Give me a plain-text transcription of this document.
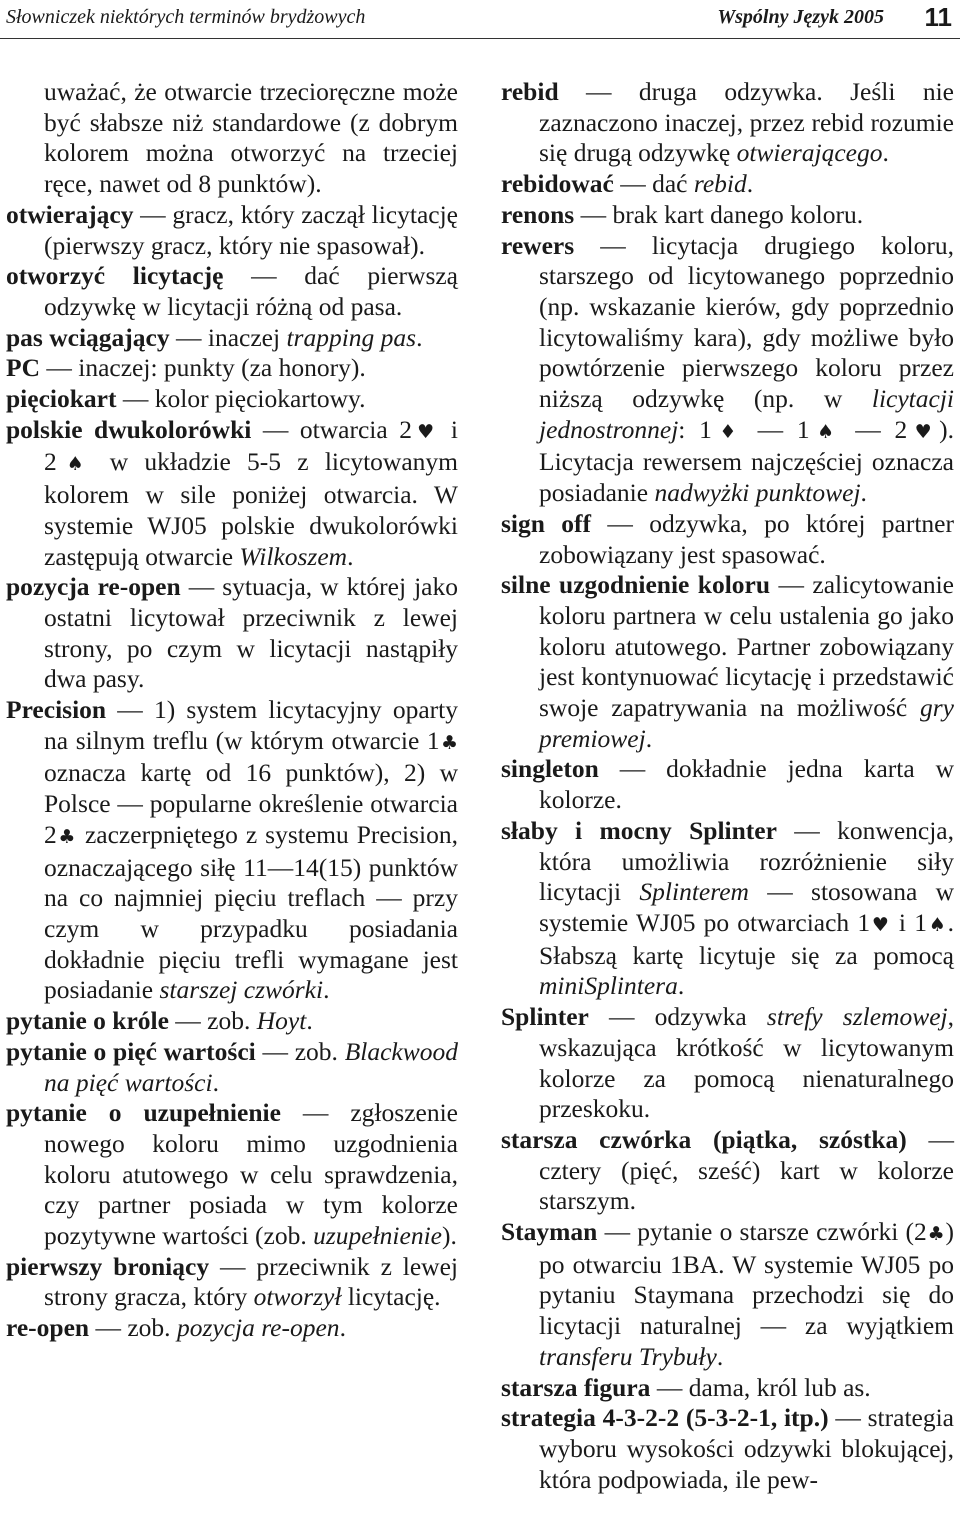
Słowniczek niektórych terminów brydżowych	Wspólny Język 2005 11

uważać, że otwarcie trzecioręczne może być słabsze niż standardowe (z dobrym kolorem można otworzyć na trzeciej ręce, nawet od 8 punktów).

otwierający — gracz, który zaczął licytację (pierwszy gracz, który nie spasował).

otworzyć licytację — dać pierwszą odzywkę w licytacji różną od pasa.

pas wciągający — inaczej trapping pas.

PC — inaczej: punkty (za honory).

pięciokart — kolor pięciokartowy.

polskie dwukolorówki — otwarcia 2♥ i 2♠ w układzie 5-5 z licytowanym kolorem w sile poniżej otwarcia. W systemie WJ05 polskie dwukolorówki zastępują otwarcie Wilkoszem.

pozycja re-open — sytuacja, w której jako ostatni licytował przeciwnik z lewej strony, po czym w licytacji nastąpiły dwa pasy.

Precision — 1) system licytacyjny oparty na silnym treflu (w którym otwarcie 1♣ oznacza kartę od 16 punktów), 2) w Polsce — popularne określenie otwarcia 2♣ zaczerpniętego z systemu Precision, oznaczającego siłę 11—14(15) punktów na co najmniej pięciu treflach — przy czym w przypadku posiadania dokładnie pięciu trefli wymagane jest posiadanie starszej czwórki.

pytanie o króle — zob. Hoyt.

pytanie o pięć wartości — zob. Blackwood na pięć wartości.

pytanie o uzupełnienie — zgłoszenie nowego koloru mimo uzgodnienia koloru atutowego w celu sprawdzenia, czy partner posiada w tym kolorze pozytywne wartości (zob. uzupełnienie).

pierwszy broniący — przeciwnik z lewej strony gracza, który otworzył licytację.

re-open — zob. pozycja re-open.

rebid — druga odzywka. Jeśli nie zaznaczono inaczej, przez rebid rozumie się drugą odzywkę otwierającego.

rebidować — dać rebid.

renons — brak kart danego koloru.

rewers — licytacja drugiego koloru, starszego od licytowanego poprzednio (np. wskazanie kierów, gdy poprzednio licytowaliśmy kara), gdy możliwe było powtórzenie pierwszego koloru przez niższą odzywkę (np. w licytacji jednostronnej: 1♦ — 1♠ — 2♥). Licytacja rewersem najczęściej oznacza posiadanie nadwyżki punktowej.

sign off — odzywka, po której partner zobowiązany jest spasować.

silne uzgodnienie koloru — zalicytowanie koloru partnera w celu ustalenia go jako koloru atutowego. Partner zobowiązany jest kontynuować licytację i przedstawić swoje zapatrywania na możliwość gry premiowej.

singleton — dokładnie jedna karta w kolorze.

słaby i mocny Splinter — konwencja, która umożliwia rozróżnienie siły licytacji Splinterem — stosowana w systemie WJ05 po otwarciach 1♥ i 1♠. Słabszą kartę licytuje się za pomocą miniSplintera.

Splinter — odzywka strefy szlemowej, wskazująca krótkość w licytowanym kolorze za pomocą nienaturalnego przeskoku.

starsza czwórka (piątka, szóstka) — cztery (pięć, sześć) kart w kolorze starszym.

Stayman — pytanie o starsze czwórki (2♣) po otwarciu 1BA. W systemie WJ05 po pytaniu Staymana przechodzi się do licytacji naturalnej — za wyjątkiem transferu Trybuły.

starsza figura — dama, król lub as.

strategia 4-3-2-2 (5-3-2-1, itp.) — strategia wyboru wysokości odzywki blokującej, która podpowiada, ile pew-
